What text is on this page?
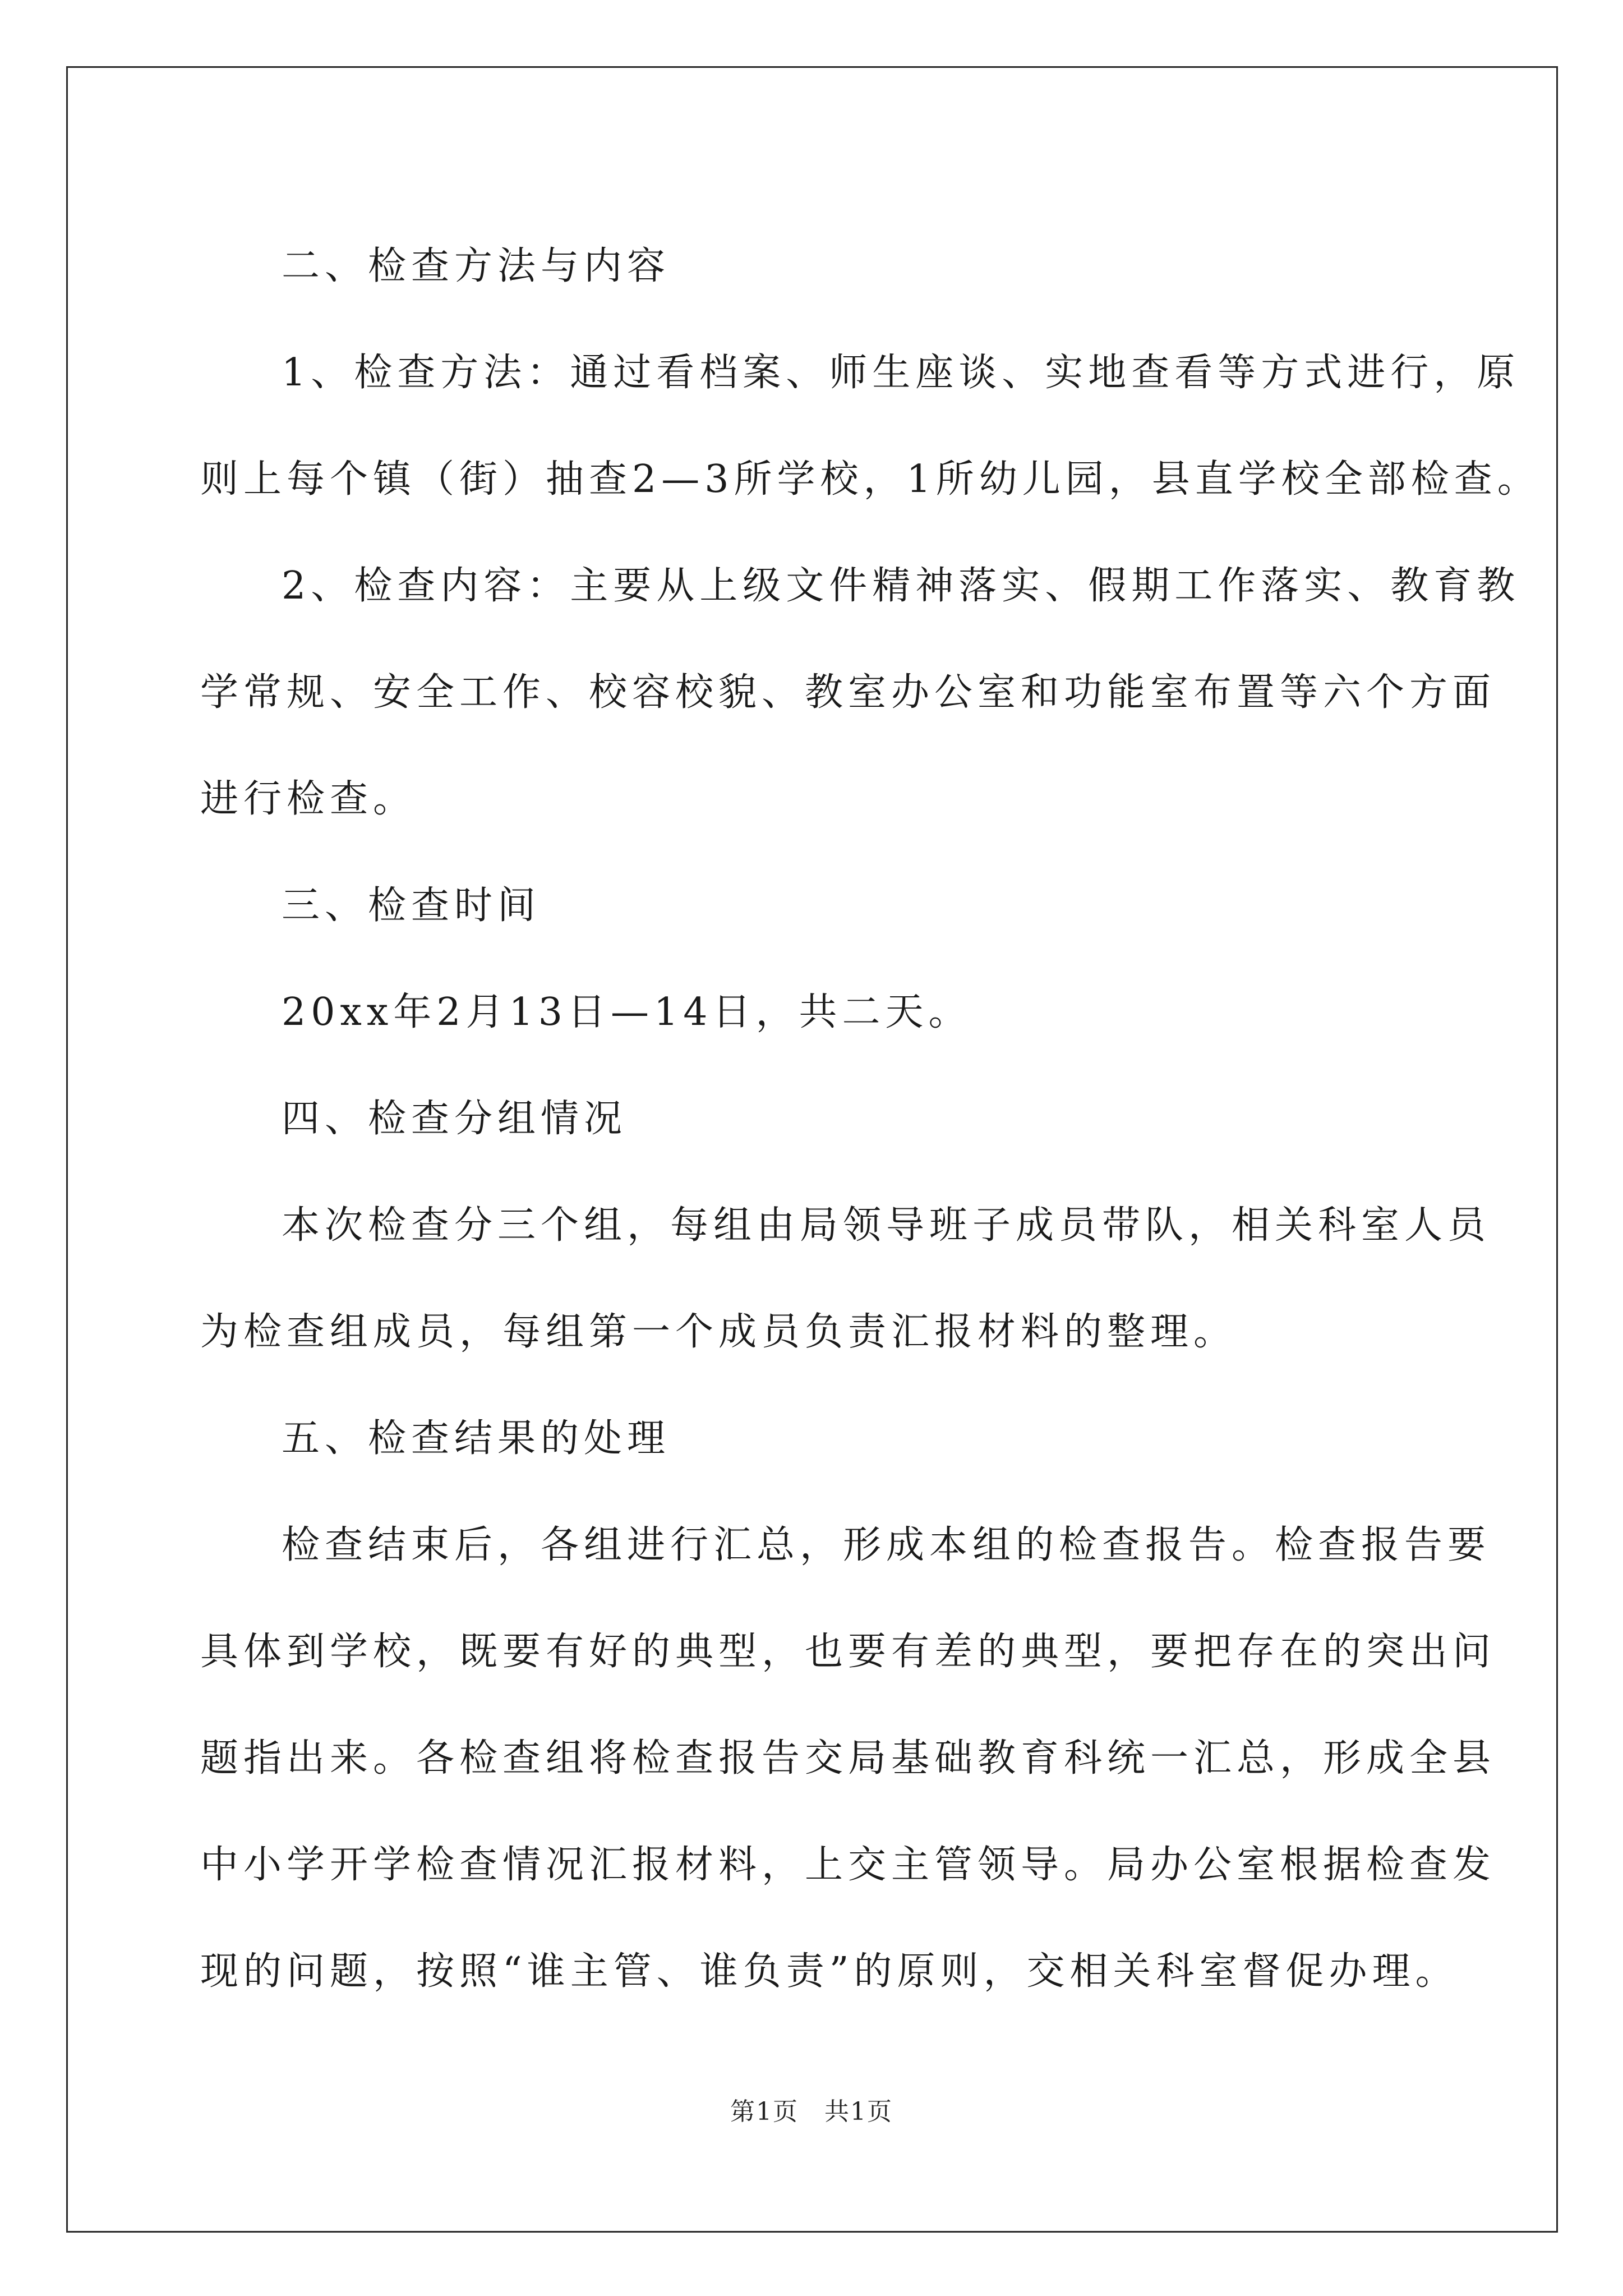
二、检查方法与内容

1、检查方法：通过看档案、师生座谈、实地查看等方式进行，原

则上每个镇（街）抽查2—3所学校，1所幼儿园，县直学校全部检查。

2、检查内容：主要从上级文件精神落实、假期工作落实、教育教

学常规、安全工作、校容校貌、教室办公室和功能室布置等六个方面

进行检查。

三、检查时间

20xx年2月13日—14日，共二天。

四、检查分组情况

本次检查分三个组，每组由局领导班子成员带队，相关科室人员

为检查组成员，每组第一个成员负责汇报材料的整理。

五、检查结果的处理

检查结束后，各组进行汇总，形成本组的检查报告。检查报告要

具体到学校，既要有好的典型，也要有差的典型，要把存在的突出问

题指出来。各检查组将检查报告交局基础教育科统一汇总，形成全县

中小学开学检查情况汇报材料，上交主管领导。局办公室根据检查发

现的问题，按照“谁主管、谁负责”的原则，交相关科室督促办理。

第1页　共1页
